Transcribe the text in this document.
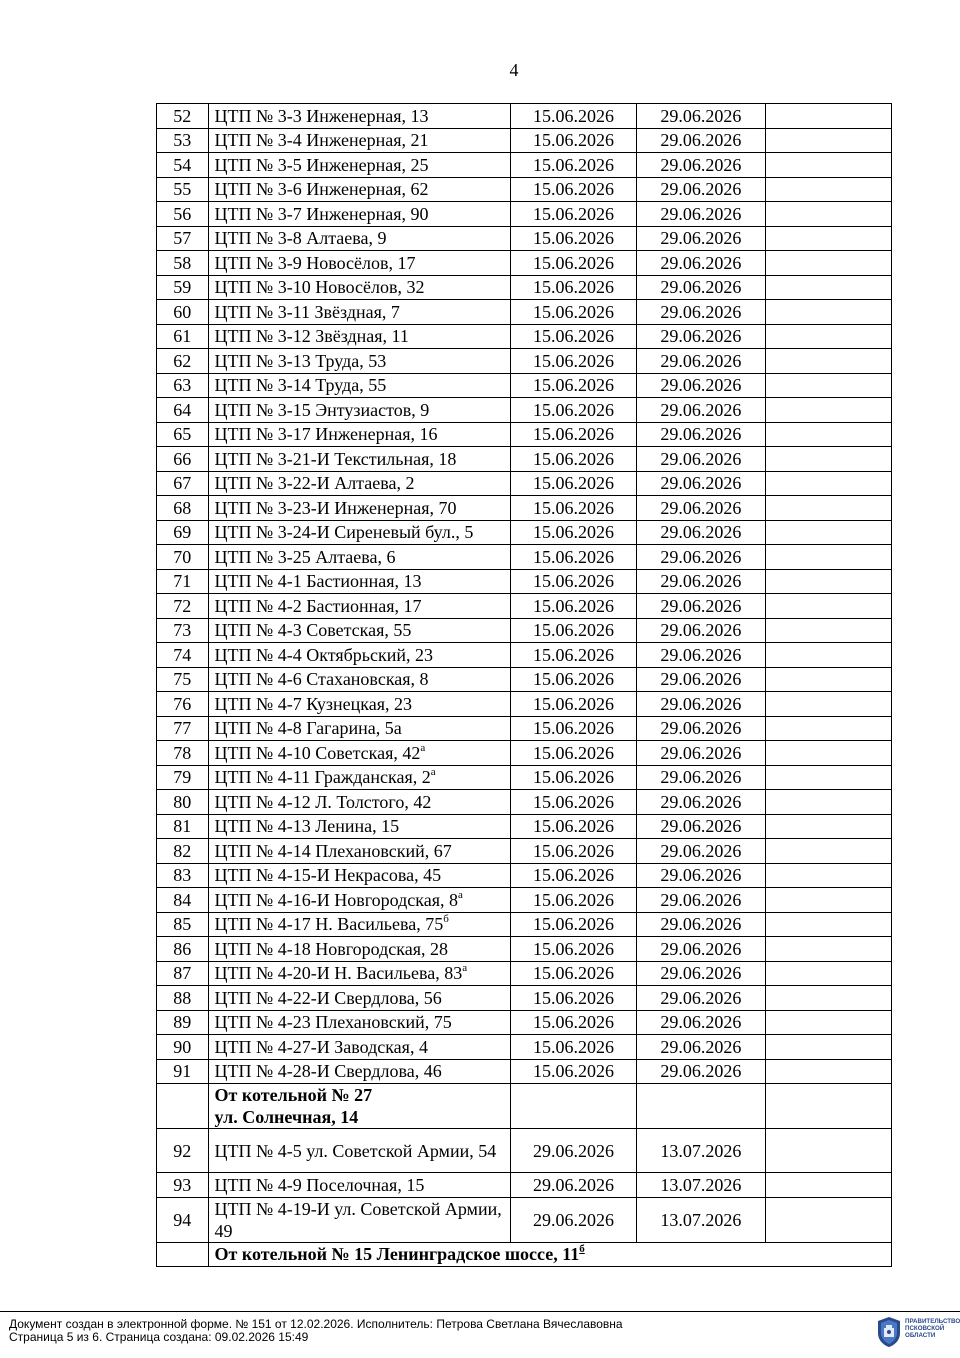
4
52	ЦТП № 3-3 Инженерная, 13	15.06.2026	29.06.2026	
53	ЦТП № 3-4 Инженерная, 21	15.06.2026	29.06.2026	
54	ЦТП № 3-5 Инженерная, 25	15.06.2026	29.06.2026	
55	ЦТП № 3-6 Инженерная, 62	15.06.2026	29.06.2026	
56	ЦТП № 3-7 Инженерная, 90	15.06.2026	29.06.2026	
57	ЦТП № 3-8 Алтаева, 9	15.06.2026	29.06.2026	
58	ЦТП № 3-9 Новосёлов, 17	15.06.2026	29.06.2026	
59	ЦТП № 3-10 Новосёлов, 32	15.06.2026	29.06.2026	
60	ЦТП № 3-11 Звёздная, 7	15.06.2026	29.06.2026	
61	ЦТП № 3-12 Звёздная, 11	15.06.2026	29.06.2026	
62	ЦТП № 3-13 Труда, 53	15.06.2026	29.06.2026	
63	ЦТП № 3-14 Труда, 55	15.06.2026	29.06.2026	
64	ЦТП № 3-15 Энтузиастов, 9	15.06.2026	29.06.2026	
65	ЦТП № 3-17 Инженерная, 16	15.06.2026	29.06.2026	
66	ЦТП № 3-21-И Текстильная, 18	15.06.2026	29.06.2026	
67	ЦТП № 3-22-И Алтаева, 2	15.06.2026	29.06.2026	
68	ЦТП № 3-23-И Инженерная, 70	15.06.2026	29.06.2026	
69	ЦТП № 3-24-И Сиреневый бул., 5	15.06.2026	29.06.2026	
70	ЦТП № 3-25 Алтаева, 6	15.06.2026	29.06.2026	
71	ЦТП № 4-1 Бастионная, 13	15.06.2026	29.06.2026	
72	ЦТП № 4-2 Бастионная, 17	15.06.2026	29.06.2026	
73	ЦТП № 4-3 Советская, 55	15.06.2026	29.06.2026	
74	ЦТП № 4-4 Октябрьский, 23	15.06.2026	29.06.2026	
75	ЦТП № 4-6 Стахановская, 8	15.06.2026	29.06.2026	
76	ЦТП № 4-7 Кузнецкая, 23	15.06.2026	29.06.2026	
77	ЦТП № 4-8 Гагарина, 5а	15.06.2026	29.06.2026	
78	ЦТП № 4-10 Советская, $42^а$	15.06.2026	29.06.2026	
79	ЦТП № 4-11 Гражданская, $2^а$	15.06.2026	29.06.2026	
80	ЦТП № 4-12 Л. Толстого, 42	15.06.2026	29.06.2026	
81	ЦТП № 4-13 Ленина, 15	15.06.2026	29.06.2026	
82	ЦТП № 4-14 Плехановский, 67	15.06.2026	29.06.2026	
83	ЦТП № 4-15-И Некрасова, 45	15.06.2026	29.06.2026	
84	ЦТП № 4-16-И Новгородская, $8^а$	15.06.2026	29.06.2026	
85	ЦТП № 4-17 Н. Васильева, $75^б$	15.06.2026	29.06.2026	
86	ЦТП № 4-18 Новгородская, 28	15.06.2026	29.06.2026	
87	ЦТП № 4-20-И Н. Васильева, $83^а$	15.06.2026	29.06.2026	
88	ЦТП № 4-22-И Свердлова, 56	15.06.2026	29.06.2026	
89	ЦТП № 4-23 Плехановский, 75	15.06.2026	29.06.2026	
90	ЦТП № 4-27-И Заводская, 4	15.06.2026	29.06.2026	
91	ЦТП № 4-28-И Свердлова, 46	15.06.2026	29.06.2026	
	От котельной № 27
ул. Солнечная, 14			
92	ЦТП № 4-5 ул. Советской Армии, 54	29.06.2026	13.07.2026	
93	ЦТП № 4-9 Поселочная, 15	29.06.2026	13.07.2026	
94	ЦТП № 4-19-И ул. Советской Армии, 49	29.06.2026	13.07.2026	
	От котельной № 15 Ленинградское шоссе, $11^б$
Документ создан в электронной форме. № 151 от 12.02.2026. Исполнитель: Петрова Светлана Вячеславовна
Страница 5 из 6. Страница создана: 09.02.2026 15:49
ПРАВИТЕЛЬСТВО
ПСКОВСКОЙ
ОБЛАСТИ
